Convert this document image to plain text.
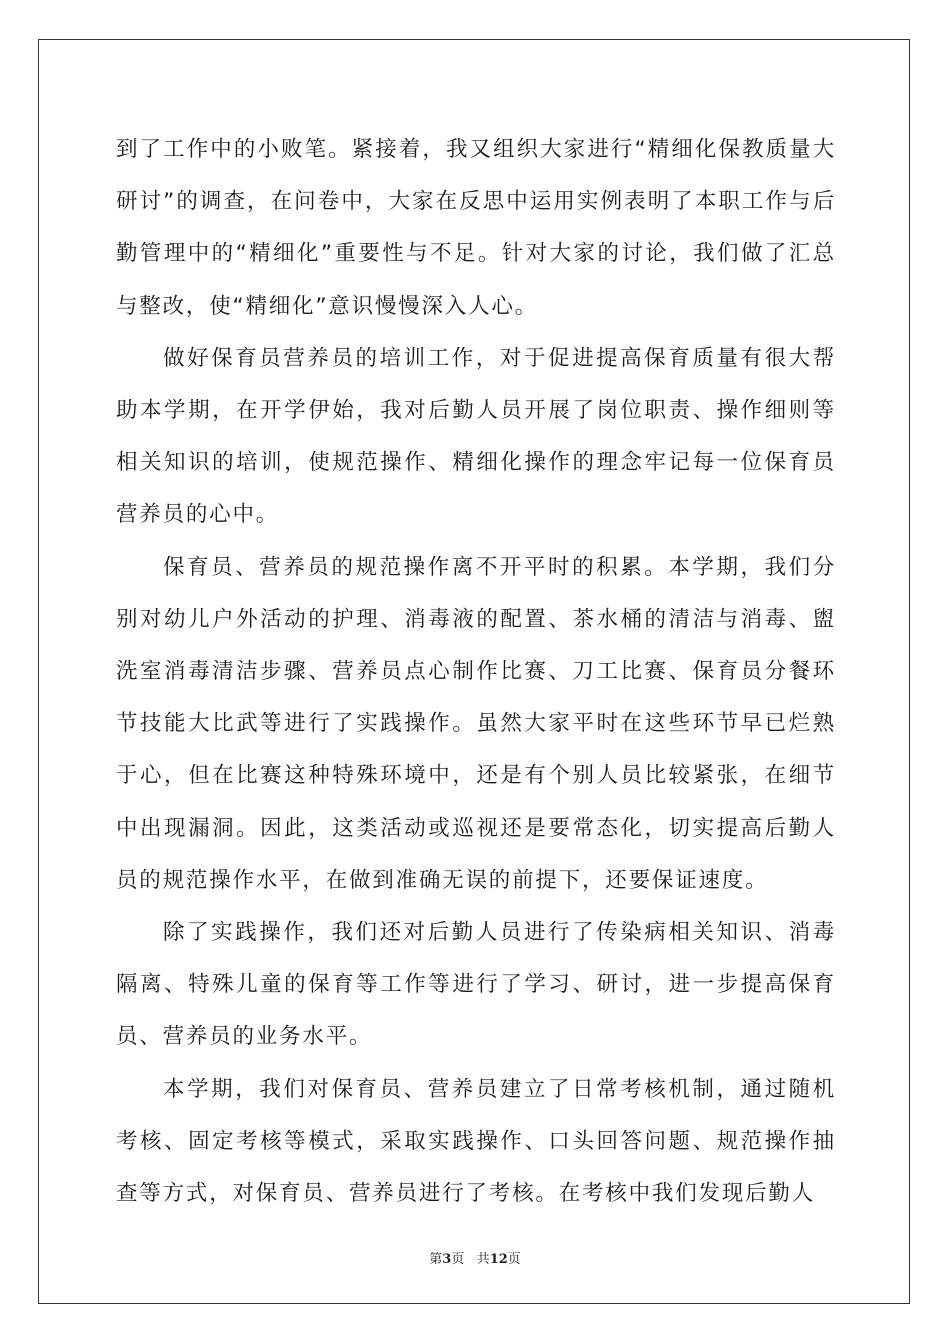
到了工作中的小败笔。紧接着，我又组织大家进行“精细化保教质量大研讨”的调查，在问卷中，大家在反思中运用实例表明了本职工作与后勤管理中的“精细化”重要性与不足。针对大家的讨论，我们做了汇总与整改，使“精细化”意识慢慢深入人心。

做好保育员营养员的培训工作，对于促进提高保育质量有很大帮助本学期，在开学伊始，我对后勤人员开展了岗位职责、操作细则等相关知识的培训，使规范操作、精细化操作的理念牢记每一位保育员营养员的心中。

保育员、营养员的规范操作离不开平时的积累。本学期，我们分别对幼儿户外活动的护理、消毒液的配置、茶水桶的清洁与消毒、盥洗室消毒清洁步骤、营养员点心制作比赛、刀工比赛、保育员分餐环节技能大比武等进行了实践操作。虽然大家平时在这些环节早已烂熟于心，但在比赛这种特殊环境中，还是有个别人员比较紧张，在细节中出现漏洞。因此，这类活动或巡视还是要常态化，切实提高后勤人员的规范操作水平，在做到准确无误的前提下，还要保证速度。

除了实践操作，我们还对后勤人员进行了传染病相关知识、消毒隔离、特殊儿童的保育等工作等进行了学习、研讨，进一步提高保育员、营养员的业务水平。

本学期，我们对保育员、营养员建立了日常考核机制，通过随机考核、固定考核等模式，采取实践操作、口头回答问题、规范操作抽查等方式，对保育员、营养员进行了考核。在考核中我们发现后勤人

第3页 共12页
